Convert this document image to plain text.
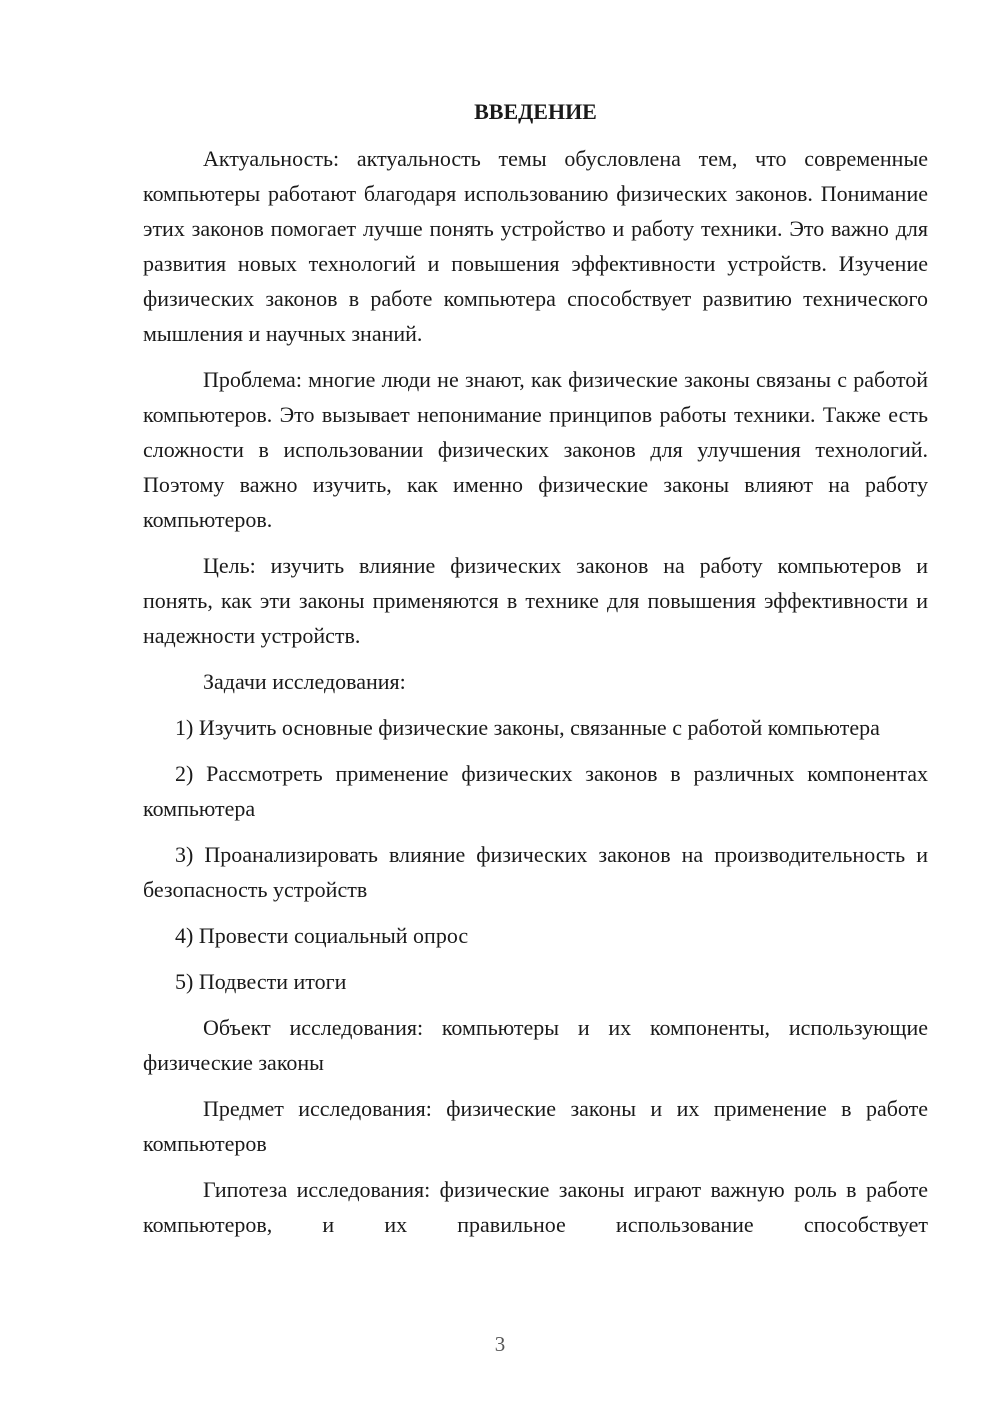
ВВЕДЕНИЕ

Актуальность: актуальность темы обусловлена тем, что современные компьютеры работают благодаря использованию физических законов. Понимание этих законов помогает лучше понять устройство и работу техники. Это важно для развития новых технологий и повышения эффективности устройств. Изучение физических законов в работе компьютера способствует развитию технического мышления и научных знаний.

Проблема: многие люди не знают, как физические законы связаны с работой компьютеров. Это вызывает непонимание принципов работы техники. Также есть сложности в использовании физических законов для улучшения технологий. Поэтому важно изучить, как именно физические законы влияют на работу компьютеров.

Цель: изучить влияние физических законов на работу компьютеров и понять, как эти законы применяются в технике для повышения эффективности и надежности устройств.

Задачи исследования:

1) Изучить основные физические законы, связанные с работой компьютера

2) Рассмотреть применение физических законов в различных компонентах компьютера

3) Проанализировать влияние физических законов на производительность и безопасность устройств

4) Провести социальный опрос

5) Подвести итоги

Объект исследования: компьютеры и их компоненты, использующие физические законы

Предмет исследования: физические законы и их применение в работе компьютеров

Гипотеза исследования: физические законы играют важную роль в работе компьютеров, и их правильное использование способствует

3
